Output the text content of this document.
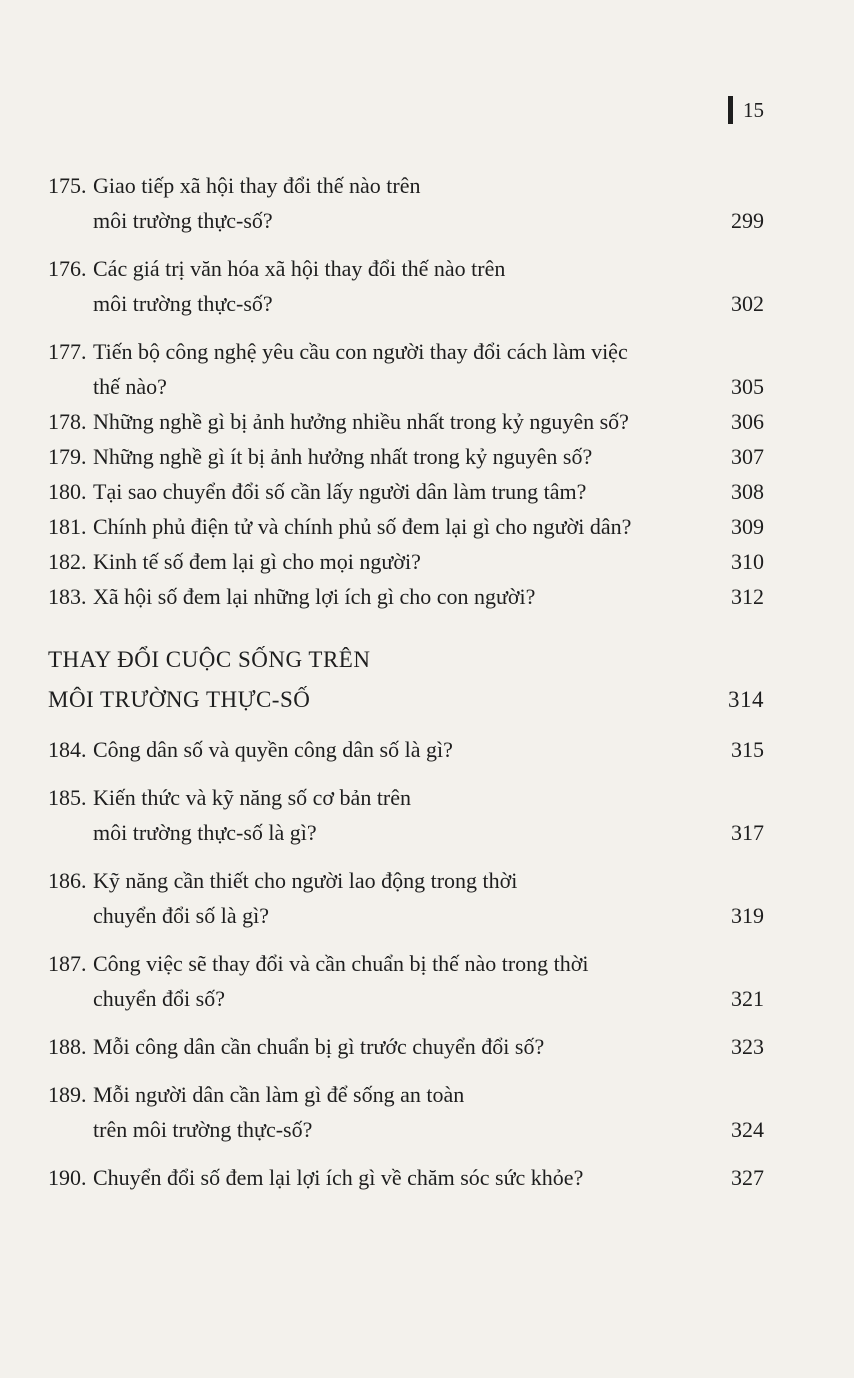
15
175. Giao tiếp xã hội thay đổi thế nào trên
môi trường thực-số?	299
176. Các giá trị văn hóa xã hội thay đổi thế nào trên
môi trường thực-số?	302
177. Tiến bộ công nghệ yêu cầu con người thay đổi cách làm việc
thế nào?	305
178. Những nghề gì bị ảnh hưởng nhiều nhất trong kỷ nguyên số?	306
179. Những nghề gì ít bị ảnh hưởng nhất trong kỷ nguyên số?	307
180. Tại sao chuyển đổi số cần lấy người dân làm trung tâm?	308
181. Chính phủ điện tử và chính phủ số đem lại gì cho người dân?	309
182. Kinh tế số đem lại gì cho mọi người?	310
183. Xã hội số đem lại những lợi ích gì cho con người?	312
THAY ĐỔI CUỘC SỐNG TRÊN
MÔI TRƯỜNG THỰC-SỐ	314
184. Công dân số và quyền công dân số là gì?	315
185. Kiến thức và kỹ năng số cơ bản trên
môi trường thực-số là gì?	317
186. Kỹ năng cần thiết cho người lao động trong thời
chuyển đổi số là gì?	319
187. Công việc sẽ thay đổi và cần chuẩn bị thế nào trong thời
chuyển đổi số?	321
188. Mỗi công dân cần chuẩn bị gì trước chuyển đổi số?	323
189. Mỗi người dân cần làm gì để sống an toàn
trên môi trường thực-số?	324
190. Chuyển đổi số đem lại lợi ích gì về chăm sóc sức khỏe?	327
